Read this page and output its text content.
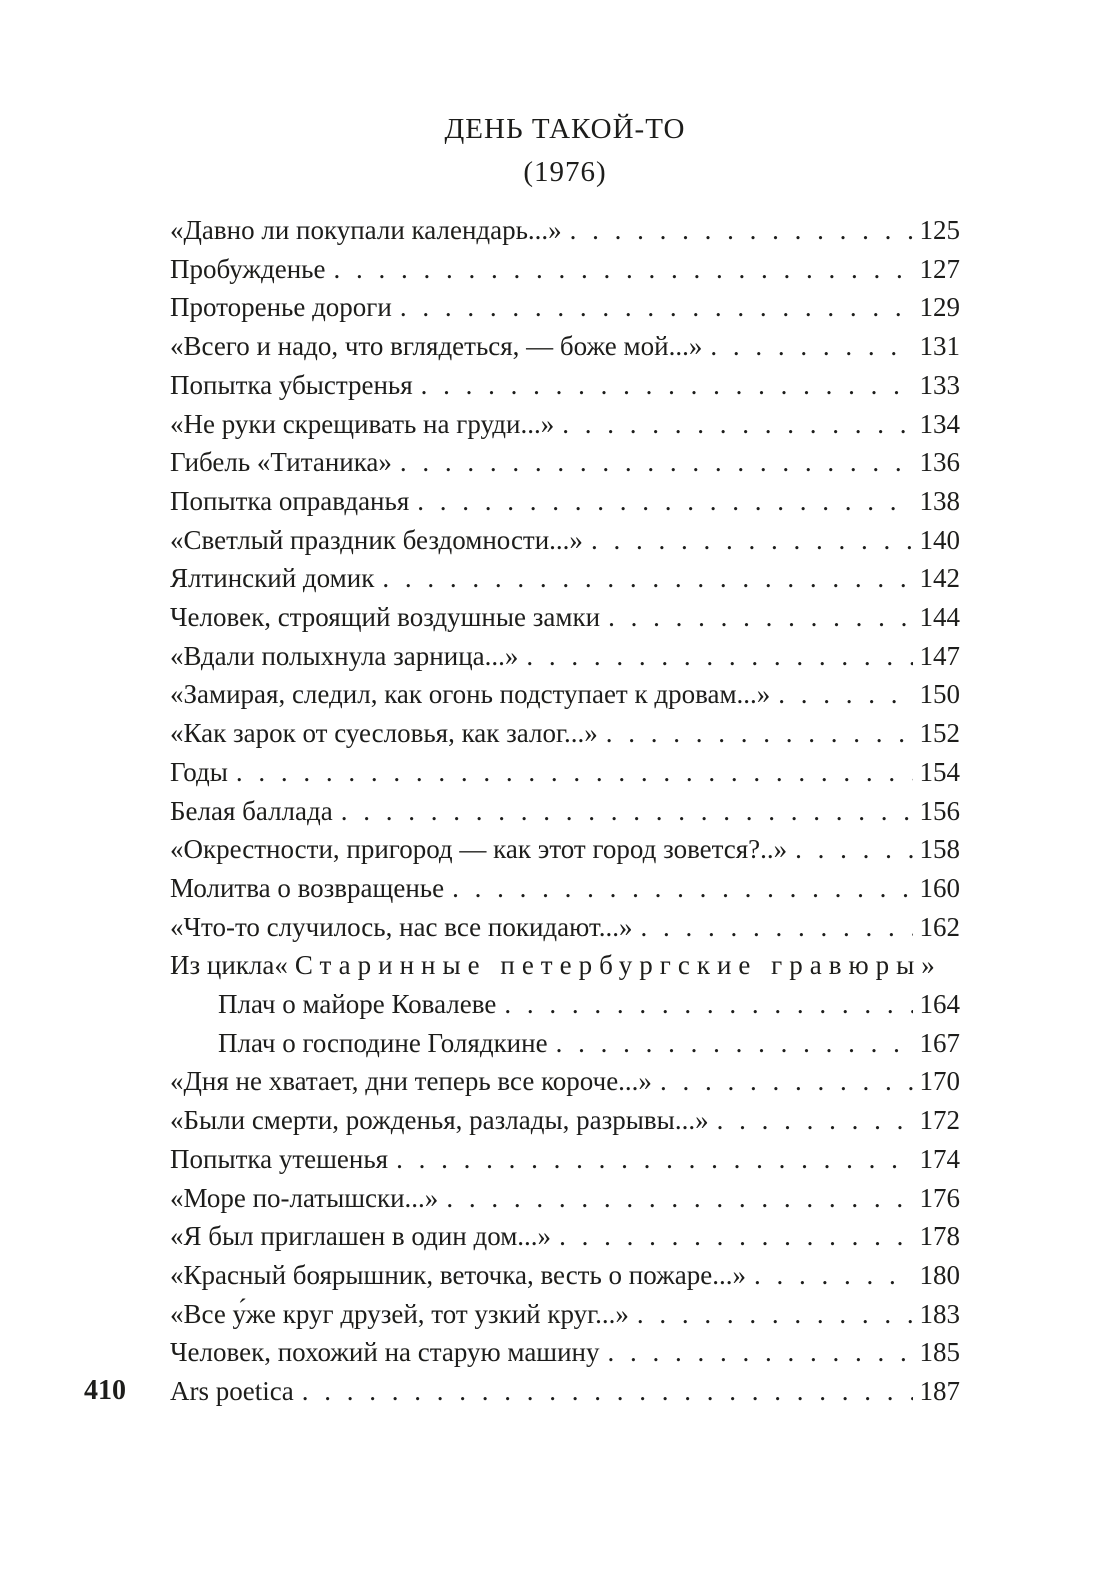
ДЕНЬ ТАКОЙ-ТО
(1976)
«Давно ли покупали календарь...» . . .	125
Пробужденье . . .	127
Проторенье дороги . . .	129
«Всего и надо, что вглядеться, — боже мой...» . . .	131
Попытка убыстренья . . .	133
«Не руки скрещивать на груди...» . . .	134
Гибель «Титаника» . . .	136
Попытка оправданья . . .	138
«Светлый праздник бездомности...» . . .	140
Ялтинский домик . . .	142
Человек, строящий воздушные замки . . .	144
«Вдали полыхнула зарница...» . . .	147
«Замирая, следил, как огонь подступает к дровам...» . . .	150
«Как зарок от суесловья, как залог...» . . .	152
Годы . . .	154
Белая баллада . . .	156
«Окрестности, пригород — как этот город зовется?..» . . .	158
Молитва о возвращенье . . .	160
«Что-то случилось, нас все покидают...» . . .	162
Из цикла «Старинные петербургские гравюры»
Плач о майоре Ковалеве . . .	164
Плач о господине Голядкине . . .	167
«Дня не хватает, дни теперь все короче...» . . .	170
«Были смерти, рожденья, разлады, разрывы...» . . .	172
Попытка утешенья . . .	174
«Море по-латышски...» . . .	176
«Я был приглашен в один дом...» . . .	178
«Красный боярышник, веточка, весть о пожаре...» . . .	180
«Все у́же круг друзей, тот узкий круг...» . . .	183
Человек, похожий на старую машину . . .	185
Ars poetica . . .	187
410
